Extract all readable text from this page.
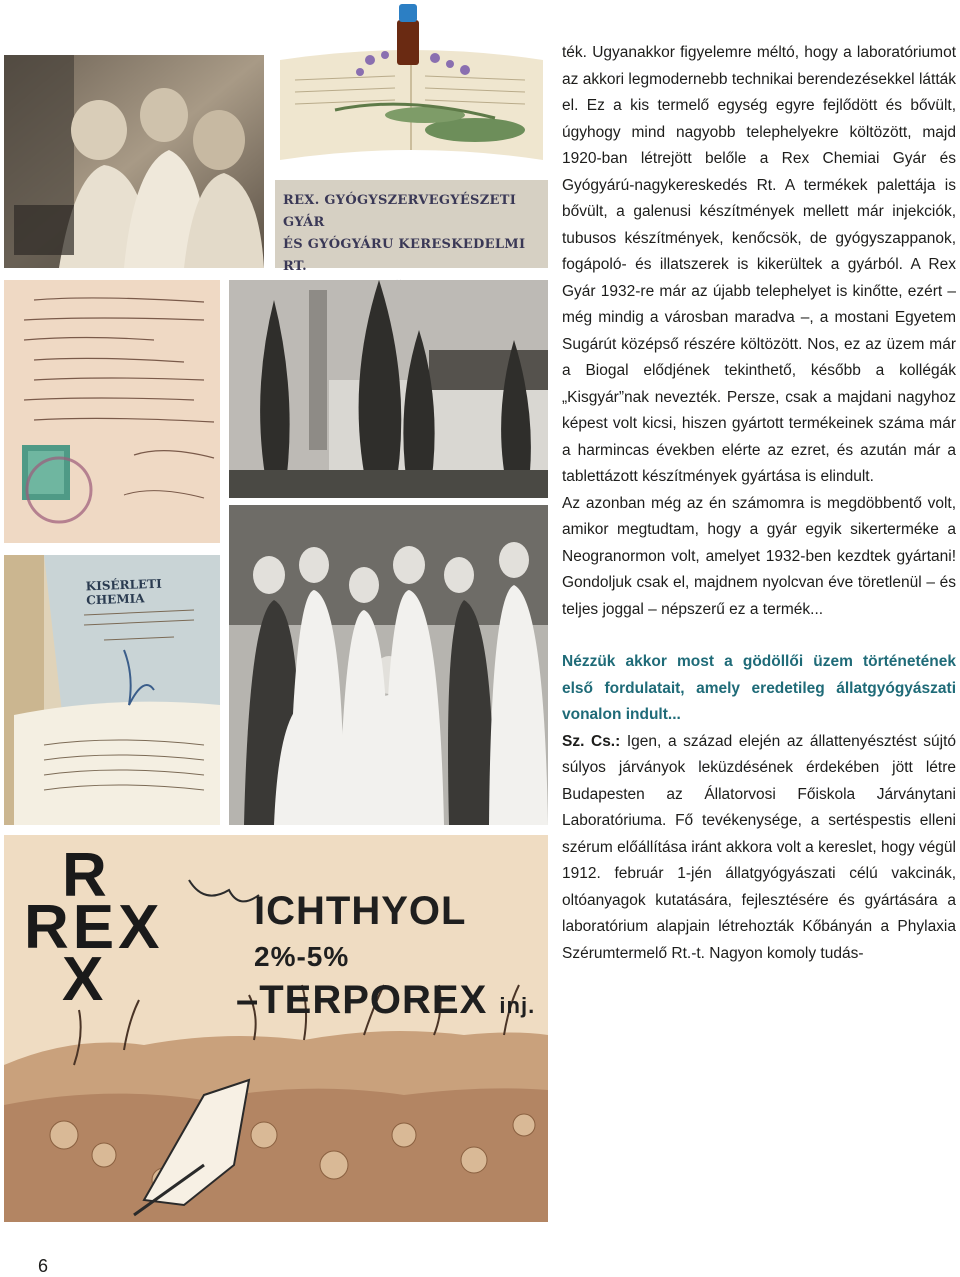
REX. GYÓGYSZERVEGYÉSZETI GYÁR
ÉS GYÓGYÁRU KERESKEDELMI RT.
KISÉRLETI CHEMIA
R
REX
X
ICHTHYOL 2%-5%
–TERPOREX inj.

ték. Ugyanakkor figyelemre méltó, hogy a laboratóriumot az akkori legmodernebb technikai berendezésekkel látták el. Ez a kis termelő egység egyre fejlődött és bővült, úgyhogy mind nagyobb telephelyekre költözött, majd 1920-ban létrejött belőle a Rex Chemiai Gyár és Gyógyárú-nagykereskedés Rt. A termékek palettája is bővült, a galenusi készítmények mellett már injekciók, tubusos készítmények, kenőcsök, de gyógyszappanok, fogápoló- és illatszerek is kikerültek a gyárból. A Rex Gyár 1932-re már az újabb telephelyet is kinőtte, ezért – még mindig a városban maradva –, a mostani Egyetem Sugárút középső részére költözött. Nos, ez az üzem már a Biogal elődjének tekinthető, később a kollégák „Kisgyár”nak nevezték. Persze, csak a majdani nagyhoz képest volt kicsi, hiszen gyártott termékeinek száma már a harmincas években elérte az ezret, és azután már a tablettázott készítmények gyártása is elindult.

Az azonban még az én számomra is megdöbbentő volt, amikor megtudtam, hogy a gyár egyik sikerterméke a Neogranormon volt, amelyet 1932-ben kezdtek gyártani! Gondoljuk csak el, majdnem nyolcvan éve töretlenül – és teljes joggal – népszerű ez a termék...

Nézzük akkor most a gödöllői üzem történetének első fordulatait, amely eredetileg állatgyógyászati vonalon indult...

Sz. Cs.: Igen, a század elején az állattenyésztést sújtó súlyos járványok leküzdésének érdekében jött létre Budapesten az Állatorvosi Főiskola Járványtani Laboratóriuma. Fő tevékenysége, a sertéspestis elleni szérum előállítása iránt akkora volt a kereslet, hogy végül 1912. február 1-jén állatgyógyászati célú vakcinák, oltóanyagok kutatására, fejlesztésére és gyártására a laboratórium alapjain létrehozták Kőbányán a Phylaxia Szérumtermelő Rt.-t. Nagyon komoly tudás-

6
